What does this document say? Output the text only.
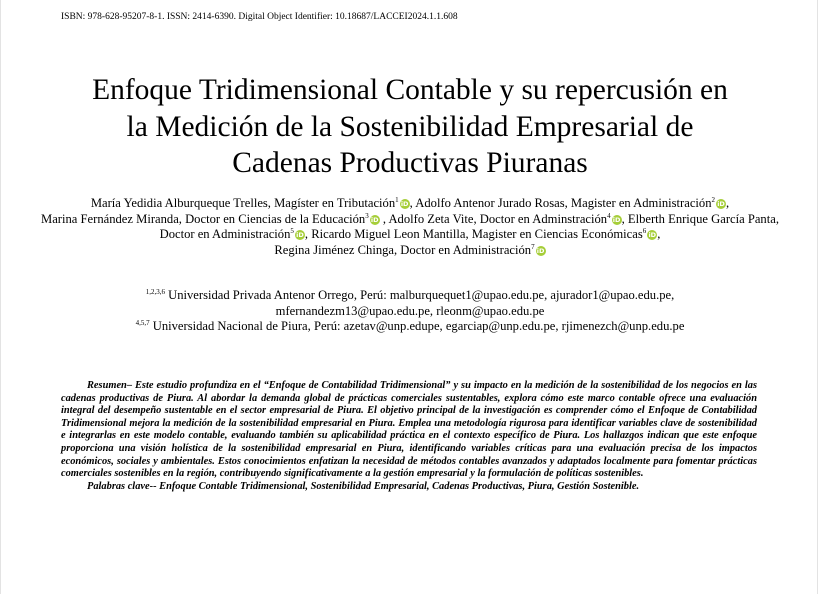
ISBN: 978-628-95207-8-1. ISSN: 2414-6390. Digital Object Identifier: 10.18687/LACCEI2024.1.1.608
Enfoque Tridimensional Contable y su repercusión en
la Medición de la Sostenibilidad Empresarial de
Cadenas Productivas Piuranas
María Yedidia Alburqueque Trelles, Magíster en Tributación$^1$ iD, Adolfo Antenor Jurado Rosas, Magister en Administración$^2$ iD,
Marina Fernández Miranda, Doctor en Ciencias de la Educación$^3$ iD , Adolfo Zeta Vite, Doctor en Adminstración$^4$ iD, Elberth Enrique García Panta, Doctor en Administración$^5$ iD, Ricardo Miguel Leon Mantilla, Magister en Ciencias Económicas$^6$ iD,
Regina Jiménez Chinga, Doctor en Administración$^7$ iD
$^{1,2,3,6}$ Universidad Privada Antenor Orrego, Perú: malburquequet1@upao.edu.pe, ajurador1@upao.edu.pe,
mfernandezm13@upao.edu.pe, rleonm@upao.edu.pe
$^{4,5,7}$ Universidad Nacional de Piura, Perú: azetav@unp.edupe, egarciap@unp.edu.pe, rjimenezch@unp.edu.pe

Resumen– Este estudio profundiza en el “Enfoque de Contabilidad Tridimensional” y su impacto en la medición de la sostenibilidad de los negocios en las cadenas productivas de Piura. Al abordar la demanda global de prácticas comerciales sustentables, explora cómo este marco contable ofrece una evaluación integral del desempeño sustentable en el sector empresarial de Piura. El objetivo principal de la investigación es comprender cómo el Enfoque de Contabilidad Tridimensional mejora la medición de la sostenibilidad empresarial en Piura. Emplea una metodología rigurosa para identificar variables clave de sostenibilidad e integrarlas en este modelo contable, evaluando también su aplicabilidad práctica en el contexto específico de Piura. Los hallazgos indican que este enfoque proporciona una visión holística de la sostenibilidad empresarial en Piura, identificando variables críticas para una evaluación precisa de los impactos económicos, sociales y ambientales. Estos conocimientos enfatizan la necesidad de métodos contables avanzados y adaptados localmente para fomentar prácticas comerciales sostenibles en la región, contribuyendo significativamente a la gestión empresarial y la formulación de políticas sostenibles.

Palabras clave-- Enfoque Contable Tridimensional, Sostenibilidad Empresarial, Cadenas Productivas, Piura, Gestión Sostenible.
